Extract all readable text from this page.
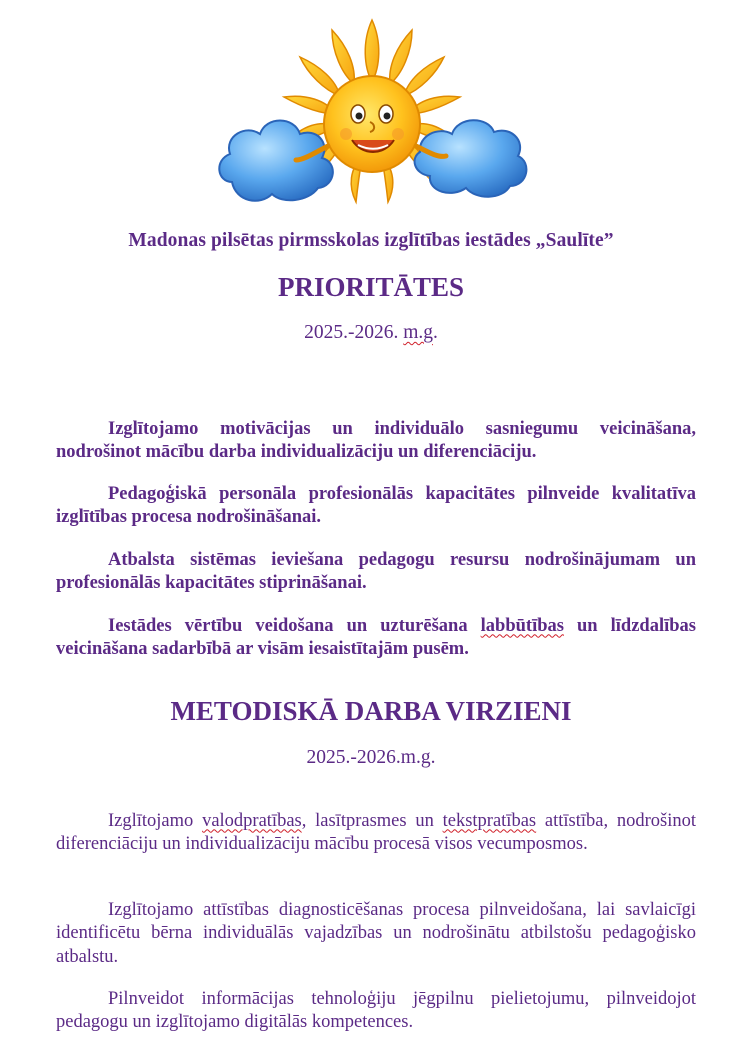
Madonas pilsētas pirmsskolas izglītības iestādes „Saulīte”
PRIORITĀTES
2025.-2026. m.g.

Izglītojamo motivācijas un individuālo sasniegumu veicināšana, nodrošinot mācību darba individualizāciju un diferenciāciju.

Pedagoģiskā personāla profesionālās kapacitātes pilnveide kvalitatīva izglītības procesa nodrošināšanai.

Atbalsta sistēmas ieviešana pedagogu resursu nodrošinājumam un profesionālās kapacitātes stiprināšanai.

Iestādes vērtību veidošana un uzturēšana labbūtības un līdzdalības veicināšana sadarbībā ar visām iesaistītajām pusēm.

METODISKĀ DARBA VIRZIENI
2025.-2026.m.g.

Izglītojamo valodpratības, lasītprasmes un tekstpratības attīstība, nodrošinot diferenciāciju un individualizāciju mācību procesā visos vecumposmos.

Izglītojamo attīstības diagnosticēšanas procesa pilnveidošana, lai savlaicīgi identificētu bērna individuālās vajadzības un nodrošinātu atbilstošu pedagoģisko atbalstu.

Pilnveidot informācijas tehnoloģiju jēgpilnu pielietojumu, pilnveidojot pedagogu un izglītojamo digitālās kompetences.
